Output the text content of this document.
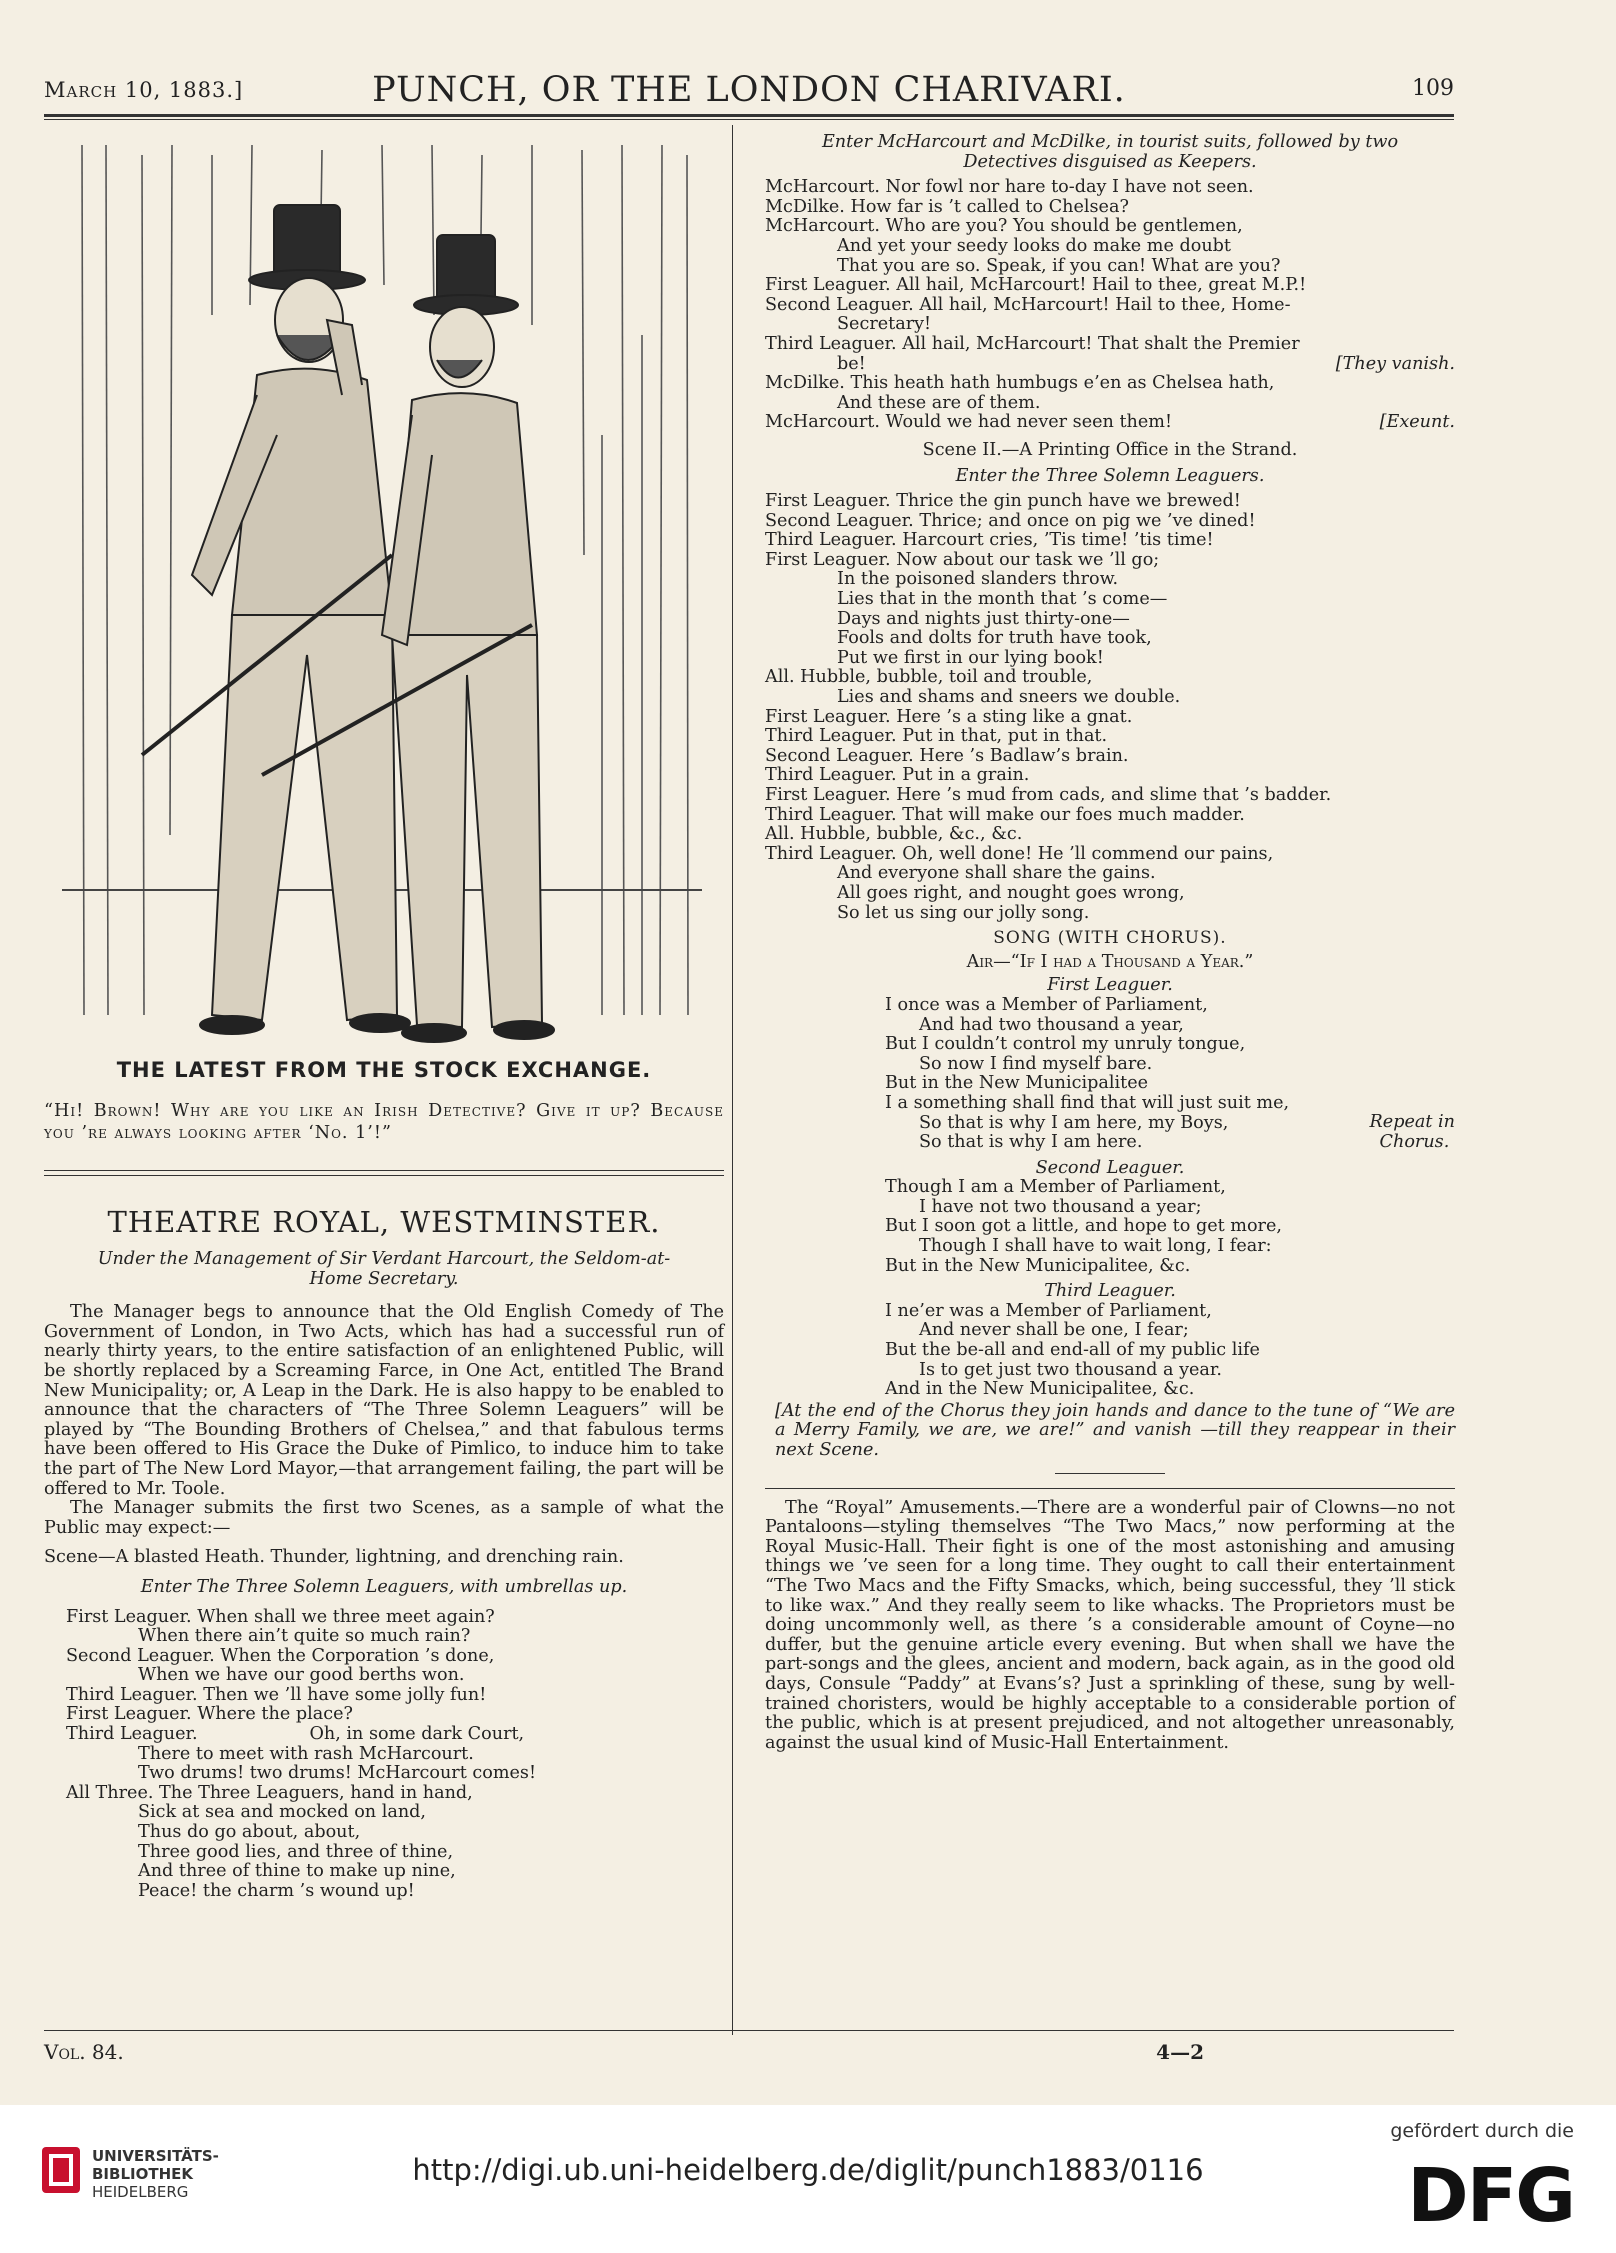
March 10, 1883.]	PUNCH, OR THE LONDON CHARIVARI.	109
THE LATEST FROM THE STOCK EXCHANGE.
“Hi! Brown! Why are you like an Irish Detective? Give it up? Because you ’re always looking after ‘No. 1’!”
THEATRE ROYAL, WESTMINSTER.

Under the Management of Sir Verdant Harcourt, the Seldom-at-Home Secretary.

The Manager begs to announce that the Old English Comedy of The Government of London, in Two Acts, which has had a successful run of nearly thirty years, to the entire satisfaction of an enlightened Public, will be shortly replaced by a Screaming Farce, in One Act, entitled The Brand New Municipality; or, A Leap in the Dark. He is also happy to be enabled to announce that the characters of “The Three Solemn Leaguers” will be played by “The Bounding Brothers of Chelsea,” and that fabulous terms have been offered to His Grace the Duke of Pimlico, to induce him to take the part of The New Lord Mayor,—that arrangement failing, the part will be offered to Mr. Toole.

The Manager submits the first two Scenes, as a sample of what the Public may expect:—

Scene—A blasted Heath. Thunder, lightning, and drenching rain.

Enter The Three Solemn Leaguers, with umbrellas up.

First Leaguer. When shall we three meet again?

When there ain’t quite so much rain?

Second Leaguer. When the Corporation ’s done,

When we have our good berths won.

Third Leaguer. Then we ’ll have some jolly fun!

First Leaguer. Where the place?

Third Leaguer.                    Oh, in some dark Court,

There to meet with rash McHarcourt.

Two drums! two drums! McHarcourt comes!

All Three. The Three Leaguers, hand in hand,

Sick at sea and mocked on land,

Thus do go about, about,

Three good lies, and three of thine,

And three of thine to make up nine,

Peace! the charm ’s wound up!

Enter McHarcourt and McDilke, in tourist suits, followed by two Detectives disguised as Keepers.

McHarcourt. Nor fowl nor hare to-day I have not seen.

McDilke. How far is ’t called to Chelsea?

McHarcourt. Who are you? You should be gentlemen,

And yet your seedy looks do make me doubt

That you are so. Speak, if you can! What are you?

First Leaguer. All hail, McHarcourt! Hail to thee, great M.P.!

Second Leaguer. All hail, McHarcourt! Hail to thee, Home-

Secretary!

Third Leaguer. All hail, McHarcourt! That shalt the Premier

be!	[They vanish.

McDilke. This heath hath humbugs e’en as Chelsea hath,

And these are of them.

McHarcourt. Would we had never seen them!	[Exeunt.

Scene II.—A Printing Office in the Strand.

Enter the Three Solemn Leaguers.

First Leaguer. Thrice the gin punch have we brewed!

Second Leaguer. Thrice; and once on pig we ’ve dined!

Third Leaguer. Harcourt cries, ’Tis time! ’tis time!

First Leaguer. Now about our task we ’ll go;

In the poisoned slanders throw.

Lies that in the month that ’s come—

Days and nights just thirty-one—

Fools and dolts for truth have took,

Put we first in our lying book!

All. Hubble, bubble, toil and trouble,

Lies and shams and sneers we double.

First Leaguer. Here ’s a sting like a gnat.

Third Leaguer. Put in that, put in that.

Second Leaguer. Here ’s Badlaw’s brain.

Third Leaguer. Put in a grain.

First Leaguer. Here ’s mud from cads, and slime that ’s badder.

Third Leaguer. That will make our foes much madder.

All. Hubble, bubble, &c., &c.

Third Leaguer. Oh, well done! He ’ll commend our pains,

And everyone shall share the gains.

All goes right, and nought goes wrong,

So let us sing our jolly song.

SONG (WITH CHORUS).

Air—“If I had a Thousand a Year.”

First Leaguer.

I once was a Member of Parliament,

And had two thousand a year,

But I couldn’t control my unruly tongue,

So now I find myself bare.

But in the New Municipalitee

I a something shall find that will just suit me,

So that is why I am here, my Boys,

So that is why I am here.

Repeat in
Chorus.

Second Leaguer.

Though I am a Member of Parliament,

I have not two thousand a year;

But I soon got a little, and hope to get more,

Though I shall have to wait long, I fear:

But in the New Municipalitee, &c.

Third Leaguer.

I ne’er was a Member of Parliament,

And never shall be one, I fear;

But the be-all and end-all of my public life

Is to get just two thousand a year.

And in the New Municipalitee, &c.

[At the end of the Chorus they join hands and dance to the tune of “We are a Merry Family, we are, we are!” and vanish —till they reappear in their next Scene.

The “Royal” Amusements.—There are a wonderful pair of Clowns—no not Pantaloons—styling themselves “The Two Macs,” now performing at the Royal Music-Hall. Their fight is one of the most astonishing and amusing things we ’ve seen for a long time. They ought to call their entertainment “The Two Macs and the Fifty Smacks, which, being successful, they ’ll stick to like wax.” And they really seem to like whacks. The Proprietors must be doing uncommonly well, as there ’s a considerable amount of Coyne—no duffer, but the genuine article every evening. But when shall we have the part-songs and the glees, ancient and modern, back again, as in the good old days, Consule “Paddy” at Evans’s? Just a sprinkling of these, sung by well-trained choristers, would be highly acceptable to a considerable portion of the public, which is at present prejudiced, and not altogether unreasonably, against the usual kind of Music-Hall Entertainment.

Vol. 84.	4—2
UNIVERSITÄTS-
BIBLIOTHEK
HEIDELBERG
http://digi.ub.uni-heidelberg.de/diglit/punch1883/0116
gefördert durch die
DFG
